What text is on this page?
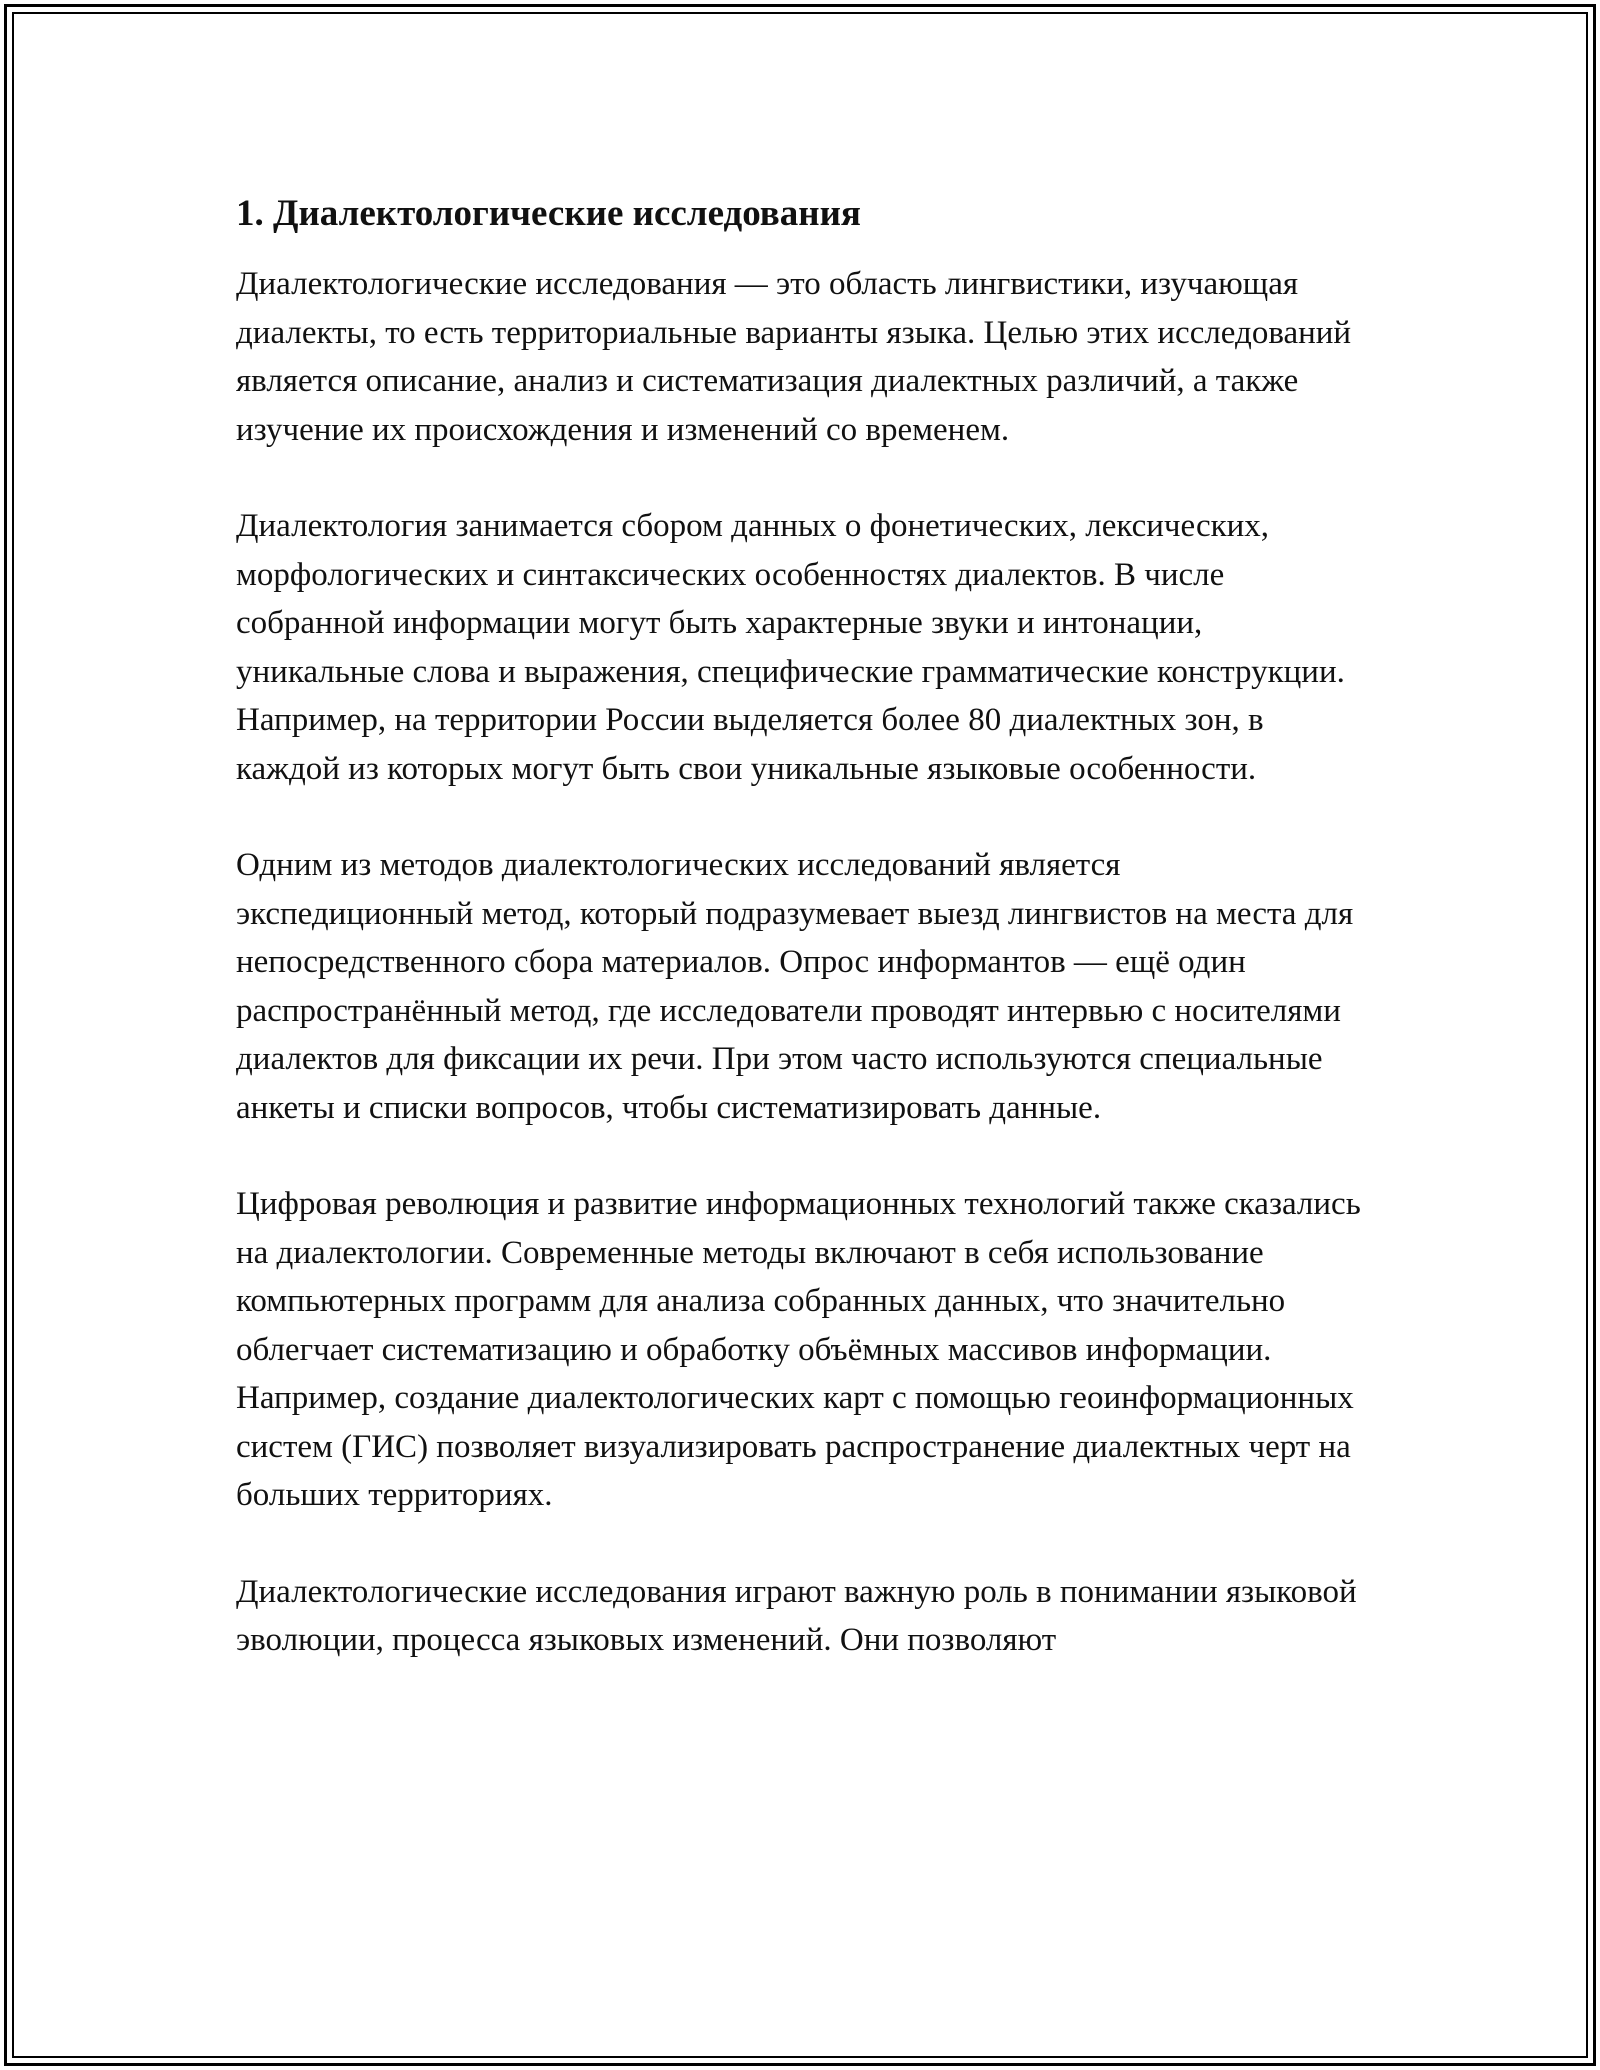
1. Диалектологические исследования

Диалектологические исследования — это область лингвистики, изучающая диалекты, то есть территориальные варианты языка. Целью этих исследований является описание, анализ и систематизация диалектных различий, а также изучение их происхождения и изменений со временем.

Диалектология занимается сбором данных о фонетических, лексических, морфологических и синтаксических особенностях диалектов. В числе собранной информации могут быть характерные звуки и интонации, уникальные слова и выражения, специфические грамматические конструкции. Например, на территории России выделяется более 80 диалектных зон, в каждой из которых могут быть свои уникальные языковые особенности.

Одним из методов диалектологических исследований является экспедиционный метод, который подразумевает выезд лингвистов на места для непосредственного сбора материалов. Опрос информантов — ещё один распространённый метод, где исследователи проводят интервью с носителями диалектов для фиксации их речи. При этом часто используются специальные анкеты и списки вопросов, чтобы систематизировать данные.

Цифровая революция и развитие информационных технологий также сказались на диалектологии. Современные методы включают в себя использование компьютерных программ для анализа собранных данных, что значительно облегчает систематизацию и обработку объёмных массивов информации. Например, создание диалектологических карт с помощью геоинформационных систем (ГИС) позволяет визуализировать распространение диалектных черт на больших территориях.

Диалектологические исследования играют важную роль в понимании языковой эволюции, процесса языковых изменений. Они позволяют
